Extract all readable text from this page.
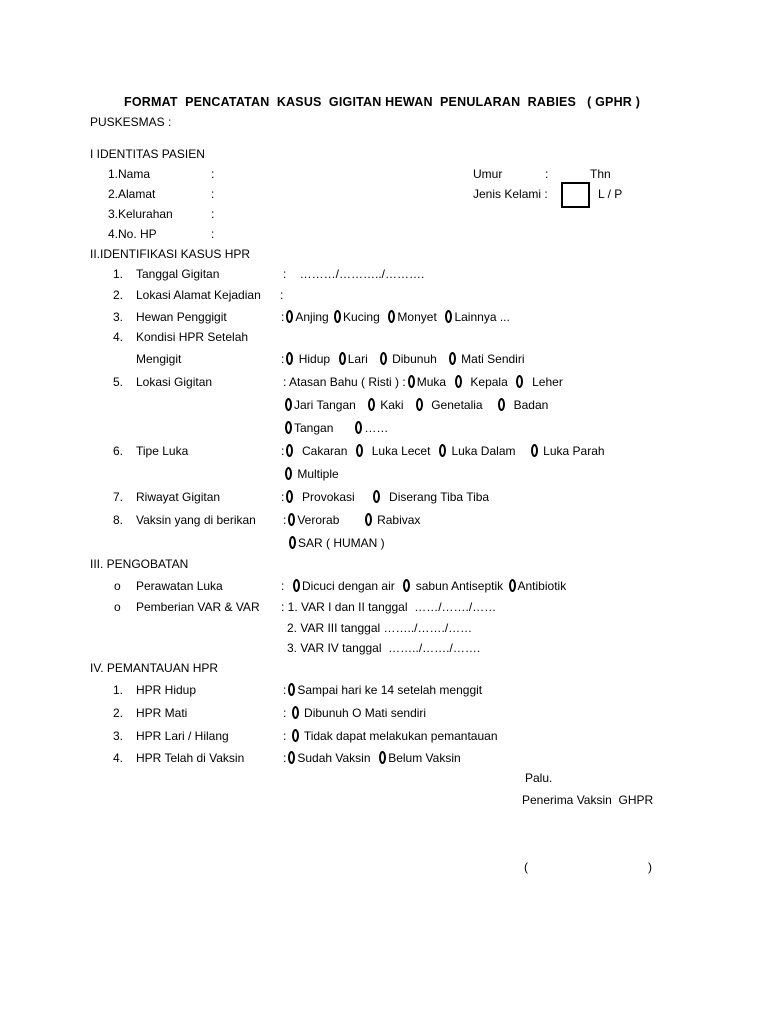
FORMAT  PENCATATAN  KASUS  GIGITAN HEWAN  PENULARAN  RABIES   ( GPHR )
PUSKESMAS :
I IDENTITAS PASIEN
1.Nama	:
2.Alamat	:
3.Kelurahan	:
4.No. HP	:
Umur	:	Thn
Jenis Kelami :	L / P
II.IDENTIFIKASI KASUS HPR
1. Tanggal Gigitan	:    ………/………../……….
2. Lokasi Alamat Kejadian :
3. Hewan Penggigit	: Anjing Kucing Monyet Lainnya ...
4. Kondisi HPR Setelah
Mengigit	: Hidup Lari Dibunuh Mati Sendiri
5. Lokasi Gigitan	: Atasan Bahu ( Risti ) : Muka Kepala Leher
Jari Tangan Kaki Genetalia	Badan
Tangan	……
6. Tipe Luka	: Cakaran Luka Lecet Luka Dalam Luka Parah
Multiple
7. Riwayat Gigitan	: Provokasi	Diserang Tiba Tiba
8. Vaksin yang di berikan : Verorab	Rabivax
SAR ( HUMAN )
III. PENGOBATAN
o Perawatan Luka	: Dicuci dengan air sabun Antiseptik Antibiotik
o Pemberian VAR & VAR : 1. VAR I dan II tanggal  ……/……./……
2. VAR III tanggal ……../……./……
3. VAR IV tanggal  ……../……./…….
IV. PEMANTAUAN HPR
1. HPR Hidup	: Sampai hari ke 14 setelah menggit
2. HPR Mati	: Dibunuh O Mati sendiri
3. HPR Lari / Hilang	: Tidak dapat melakukan pemantauan
4. HPR Telah di Vaksin	: Sudah Vaksin Belum Vaksin
Palu.
Penerima Vaksin  GHPR
(	)
